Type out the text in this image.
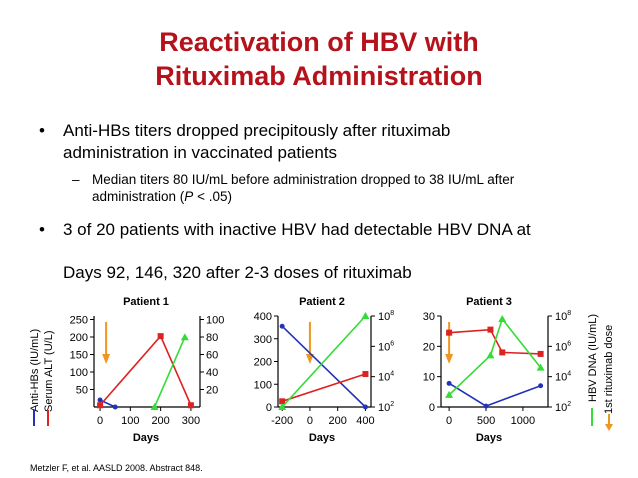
Reactivation of HBV with
Rituximab Administration
• Anti-HBs titers dropped precipitously after rituximab
administration in vaccinated patients
– Median titers 80 IU/mL before administration dropped to 38 IU/mL after
administration (P < .05)
• 3 of 20 patients with inactive HBV had detectable HBV DNA at
Days 92, 146, 320 after 2-3 doses of rituximab
Anti-HBs (IU/mL) Serum ALT (U/L)	HBV DNA (IU/mL) 1st rituximab dose
Patient 1
Days
0 100 200 300
50
100
150
200
250
20
40
60
80
100
Patient 2
Days
-200 0 200 400
0
100
200
300
400
$10^2$
$10^4$
$10^6$
$10^8$
Patient 3
Days
0 500 1000
0
10
20
30
$10^2$
$10^4$
$10^6$
$10^8$
Metzler F, et al. AASLD 2008. Abstract 848.
